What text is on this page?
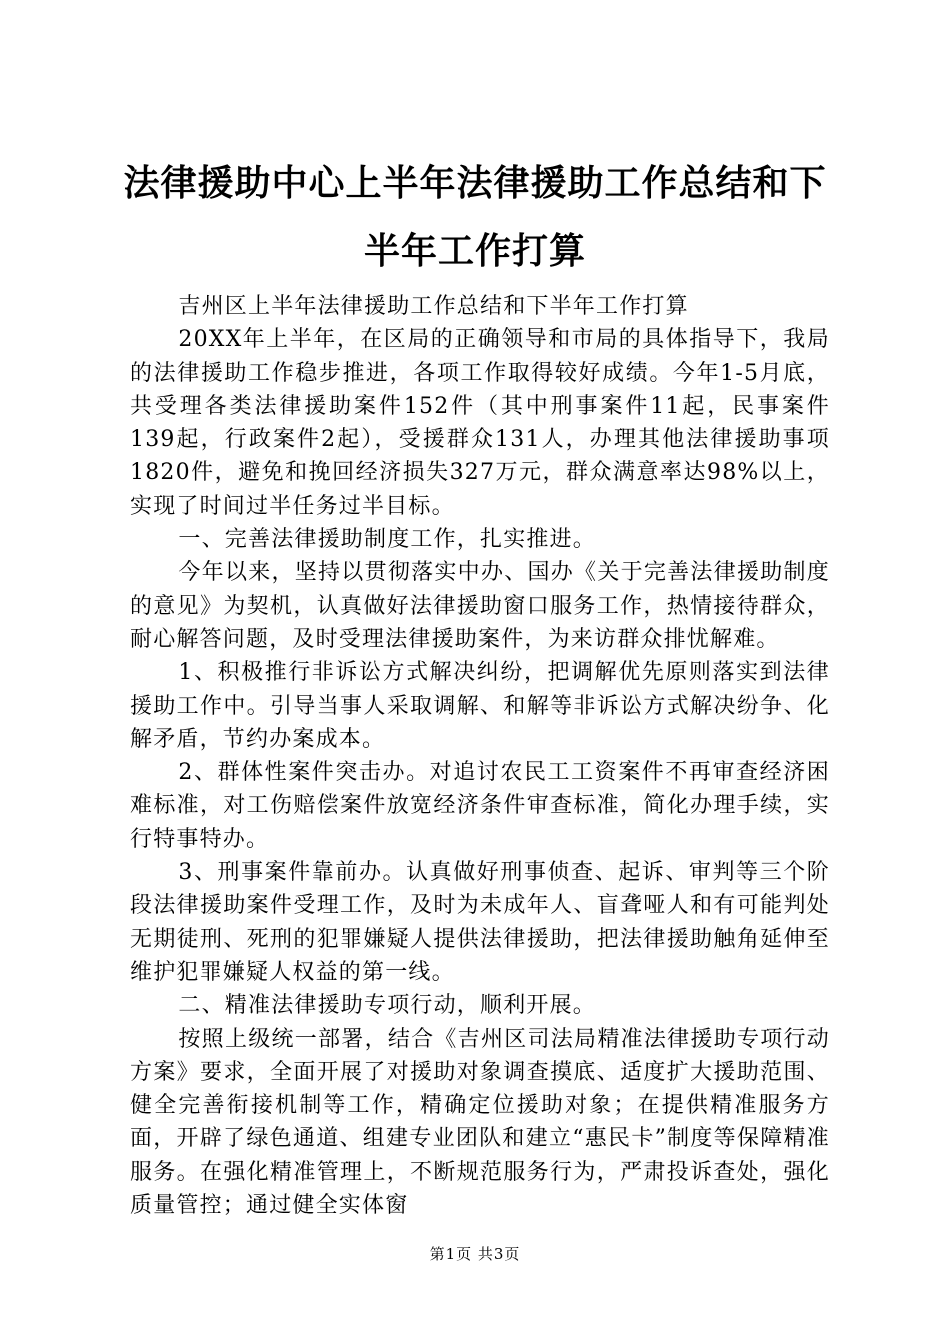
法律援助中心上半年法律援助工作总结和下半年工作打算

吉州区上半年法律援助工作总结和下半年工作打算

20XX年上半年，在区局的正确领导和市局的具体指导下，我局的法律援助工作稳步推进，各项工作取得较好成绩。今年1-5月底，共受理各类法律援助案件152件（其中刑事案件11起，民事案件139起，行政案件2起），受援群众131人，办理其他法律援助事项1820件，避免和挽回经济损失327万元，群众满意率达98%以上，实现了时间过半任务过半目标。

一、完善法律援助制度工作，扎实推进。

今年以来，坚持以贯彻落实中办、国办《关于完善法律援助制度的意见》为契机，认真做好法律援助窗口服务工作，热情接待群众，耐心解答问题，及时受理法律援助案件，为来访群众排忧解难。

1、积极推行非诉讼方式解决纠纷，把调解优先原则落实到法律援助工作中。引导当事人采取调解、和解等非诉讼方式解决纷争、化解矛盾，节约办案成本。

2、群体性案件突击办。对追讨农民工工资案件不再审查经济困难标准，对工伤赔偿案件放宽经济条件审查标准，简化办理手续，实行特事特办。

3、刑事案件靠前办。认真做好刑事侦查、起诉、审判等三个阶段法律援助案件受理工作，及时为未成年人、盲聋哑人和有可能判处无期徒刑、死刑的犯罪嫌疑人提供法律援助，把法律援助触角延伸至维护犯罪嫌疑人权益的第一线。

二、精准法律援助专项行动，顺利开展。

按照上级统一部署，结合《吉州区司法局精准法律援助专项行动方案》要求，全面开展了对援助对象调查摸底、适度扩大援助范围、健全完善衔接机制等工作，精确定位援助对象；在提供精准服务方面，开辟了绿色通道、组建专业团队和建立“惠民卡”制度等保障精准服务。在强化精准管理上，不断规范服务行为，严肃投诉查处，强化质量管控；通过健全实体窗

第1页 共3页
